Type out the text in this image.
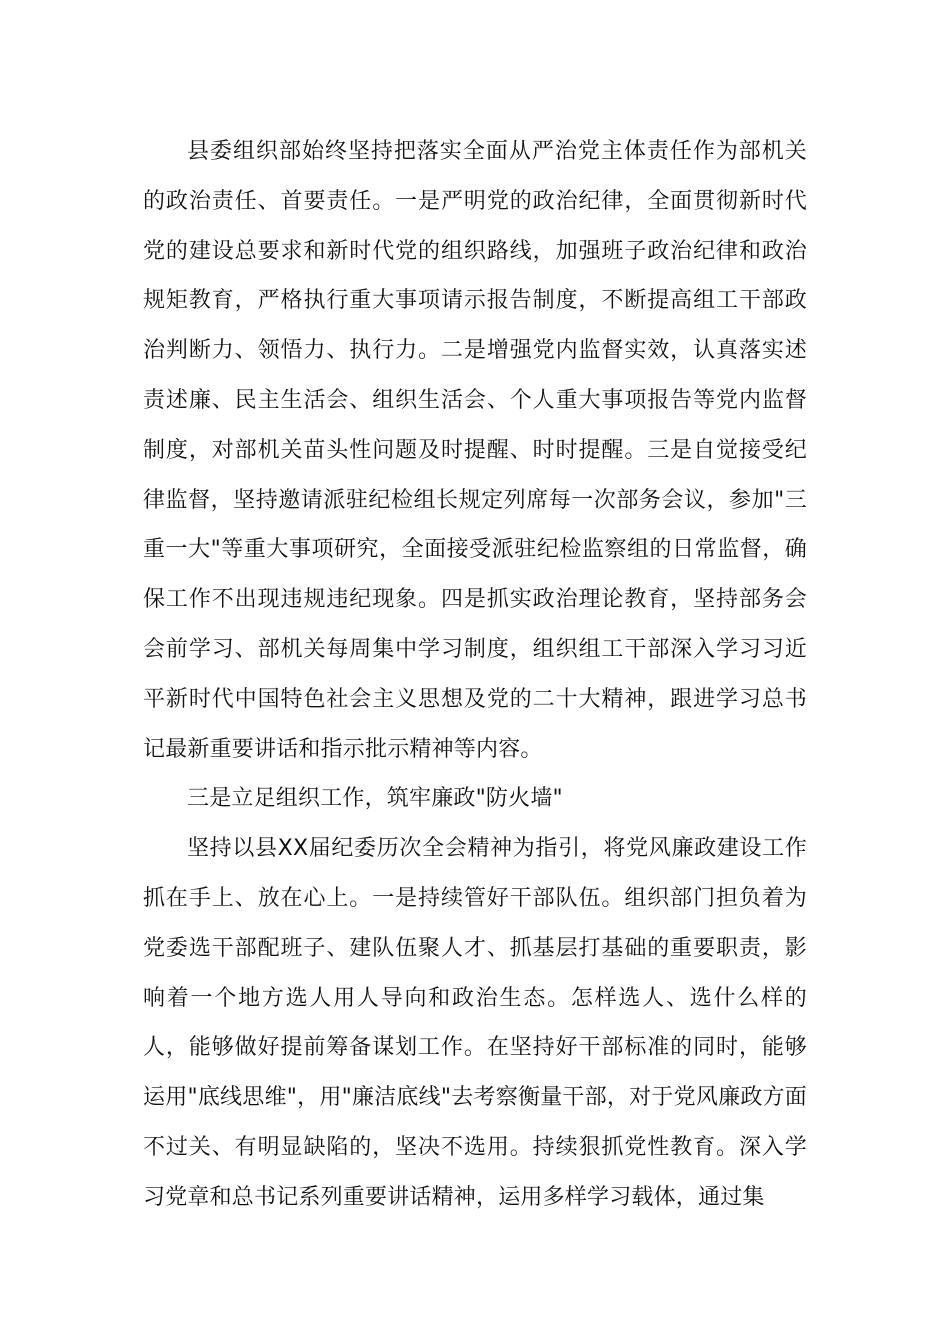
县委组织部始终坚持把落实全面从严治党主体责任作为部机关的政治责任、首要责任。一是严明党的政治纪律，全面贯彻新时代党的建设总要求和新时代党的组织路线，加强班子政治纪律和政治规矩教育，严格执行重大事项请示报告制度，不断提高组工干部政治判断力、领悟力、执行力。二是增强党内监督实效，认真落实述责述廉、民主生活会、组织生活会、个人重大事项报告等党内监督制度，对部机关苗头性问题及时提醒、时时提醒。三是自觉接受纪律监督，坚持邀请派驻纪检组长规定列席每一次部务会议，参加"三重一大"等重大事项研究，全面接受派驻纪检监察组的日常监督，确保工作不出现违规违纪现象。四是抓实政治理论教育，坚持部务会会前学习、部机关每周集中学习制度，组织组工干部深入学习习近平新时代中国特色社会主义思想及党的二十大精神，跟进学习总书记最新重要讲话和指示批示精神等内容。

三是立足组织工作，筑牢廉政"防火墙"

坚持以县XX届纪委历次全会精神为指引，将党风廉政建设工作抓在手上、放在心上。一是持续管好干部队伍。组织部门担负着为党委选干部配班子、建队伍聚人才、抓基层打基础的重要职责，影响着一个地方选人用人导向和政治生态。怎样选人、选什么样的人，能够做好提前筹备谋划工作。在坚持好干部标准的同时，能够运用"底线思维"，用"廉洁底线"去考察衡量干部，对于党风廉政方面不过关、有明显缺陷的，坚决不选用。持续狠抓党性教育。深入学习党章和总书记系列重要讲话精神，运用多样学习载体，通过集
